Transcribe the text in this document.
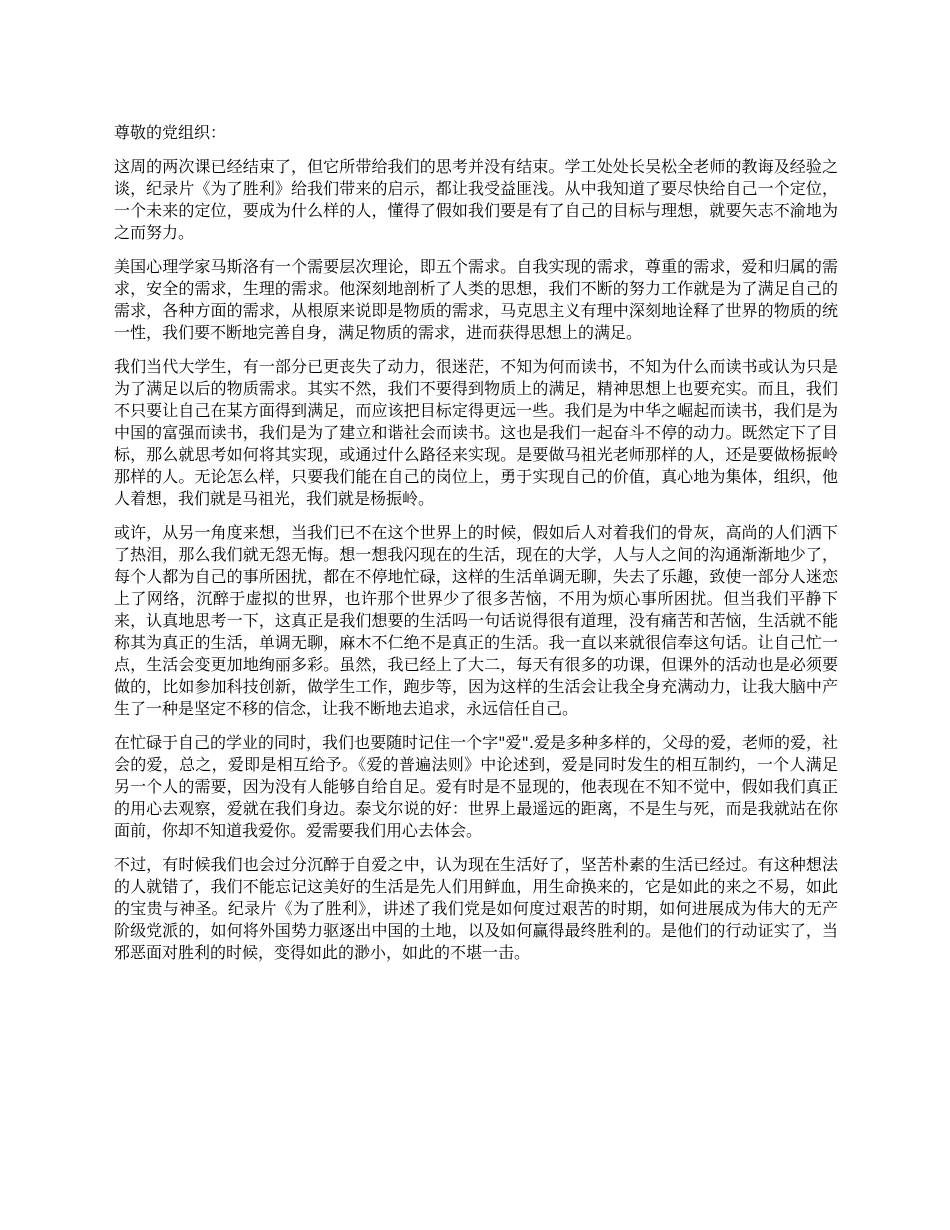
尊敬的党组织：

这周的两次课已经结束了，但它所带给我们的思考并没有结束。学工处处长吴松全老师的教诲及经验之谈，纪录片《为了胜利》给我们带来的启示，都让我受益匪浅。从中我知道了要尽快给自己一个定位，一个未来的定位，要成为什么样的人，懂得了假如我们要是有了自己的目标与理想，就要矢志不渝地为之而努力。

美国心理学家马斯洛有一个需要层次理论，即五个需求。自我实现的需求，尊重的需求，爱和归属的需求，安全的需求，生理的需求。他深刻地剖析了人类的思想，我们不断的努力工作就是为了满足自己的需求，各种方面的需求，从根原来说即是物质的需求，马克思主义有理中深刻地诠释了世界的物质的统一性，我们要不断地完善自身，满足物质的需求，进而获得思想上的满足。

我们当代大学生，有一部分已更丧失了动力，很迷茫，不知为何而读书，不知为什么而读书或认为只是为了满足以后的物质需求。其实不然，我们不要得到物质上的满足，精神思想上也要充实。而且，我们不只要让自己在某方面得到满足，而应该把目标定得更远一些。我们是为中华之崛起而读书，我们是为中国的富强而读书，我们是为了建立和谐社会而读书。这也是我们一起奋斗不停的动力。既然定下了目标，那么就思考如何将其实现，或通过什么路径来实现。是要做马祖光老师那样的人，还是要做杨振岭那样的人。无论怎么样，只要我们能在自己的岗位上，勇于实现自己的价值，真心地为集体，组织，他人着想，我们就是马祖光，我们就是杨振岭。

或许，从另一角度来想，当我们已不在这个世界上的时候，假如后人对着我们的骨灰，高尚的人们洒下了热泪，那么我们就无怨无悔。想一想我闪现在的生活，现在的大学，人与人之间的沟通渐渐地少了，每个人都为自己的事所困扰，都在不停地忙碌，这样的生活单调无聊，失去了乐趣，致使一部分人迷恋上了网络，沉醉于虚拟的世界，也许那个世界少了很多苦恼，不用为烦心事所困扰。但当我们平静下来，认真地思考一下，这真正是我们想要的生活吗一句话说得很有道理，没有痛苦和苦恼，生活就不能称其为真正的生活，单调无聊，麻木不仁绝不是真正的生活。我一直以来就很信奉这句话。让自己忙一点，生活会变更加地绚丽多彩。虽然，我已经上了大二，每天有很多的功课，但课外的活动也是必须要做的，比如参加科技创新，做学生工作，跑步等，因为这样的生活会让我全身充满动力，让我大脑中产生了一种是坚定不移的信念，让我不断地去追求，永远信任自己。

在忙碌于自己的学业的同时，我们也要随时记住一个字"爱".爱是多种多样的，父母的爱，老师的爱，社会的爱，总之，爱即是相互给予。《爱的普遍法则》中论述到，爱是同时发生的相互制约，一个人满足另一个人的需要，因为没有人能够自给自足。爱有时是不显现的，他表现在不知不觉中，假如我们真正的用心去观察，爱就在我们身边。泰戈尔说的好：世界上最遥远的距离，不是生与死，而是我就站在你面前，你却不知道我爱你。爱需要我们用心去体会。

不过，有时候我们也会过分沉醉于自爱之中，认为现在生活好了，坚苦朴素的生活已经过。有这种想法的人就错了，我们不能忘记这美好的生活是先人们用鲜血，用生命换来的，它是如此的来之不易，如此的宝贵与神圣。纪录片《为了胜利》，讲述了我们党是如何度过艰苦的时期，如何进展成为伟大的无产阶级党派的，如何将外国势力驱逐出中国的土地，以及如何赢得最终胜利的。是他们的行动证实了，当邪恶面对胜利的时候，变得如此的渺小，如此的不堪一击。
